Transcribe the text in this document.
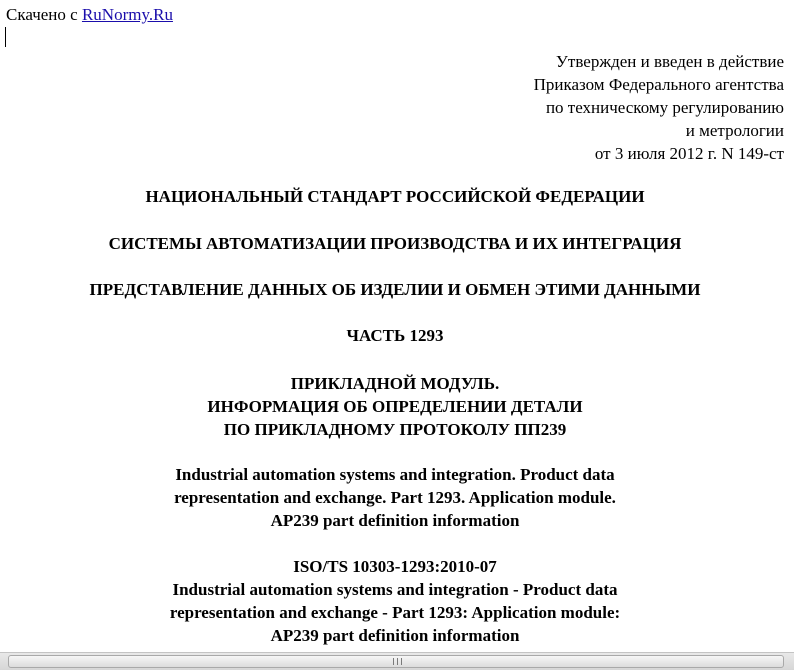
Скачено с RuNormy.Ru
Утвержден и введен в действие
Приказом Федерального агентства
по техническому регулированию
и метрологии
от 3 июля 2012 г. N 149-ст
НАЦИОНАЛЬНЫЙ СТАНДАРТ РОССИЙСКОЙ ФЕДЕРАЦИИ
СИСТЕМЫ АВТОМАТИЗАЦИИ ПРОИЗВОДСТВА И ИХ ИНТЕГРАЦИЯ
ПРЕДСТАВЛЕНИЕ ДАННЫХ ОБ ИЗДЕЛИИ И ОБМЕН ЭТИМИ ДАННЫМИ
ЧАСТЬ 1293
ПРИКЛАДНОЙ МОДУЛЬ.
ИНФОРМАЦИЯ ОБ ОПРЕДЕЛЕНИИ ДЕТАЛИ
ПО ПРИКЛАДНОМУ ПРОТОКОЛУ ПП239
Industrial automation systems and integration. Product data
representation and exchange. Part 1293. Application module.
AP239 part definition information
ISO/TS 10303-1293:2010-07
Industrial automation systems and integration - Product data
representation and exchange - Part 1293: Application module:
AP239 part definition information
